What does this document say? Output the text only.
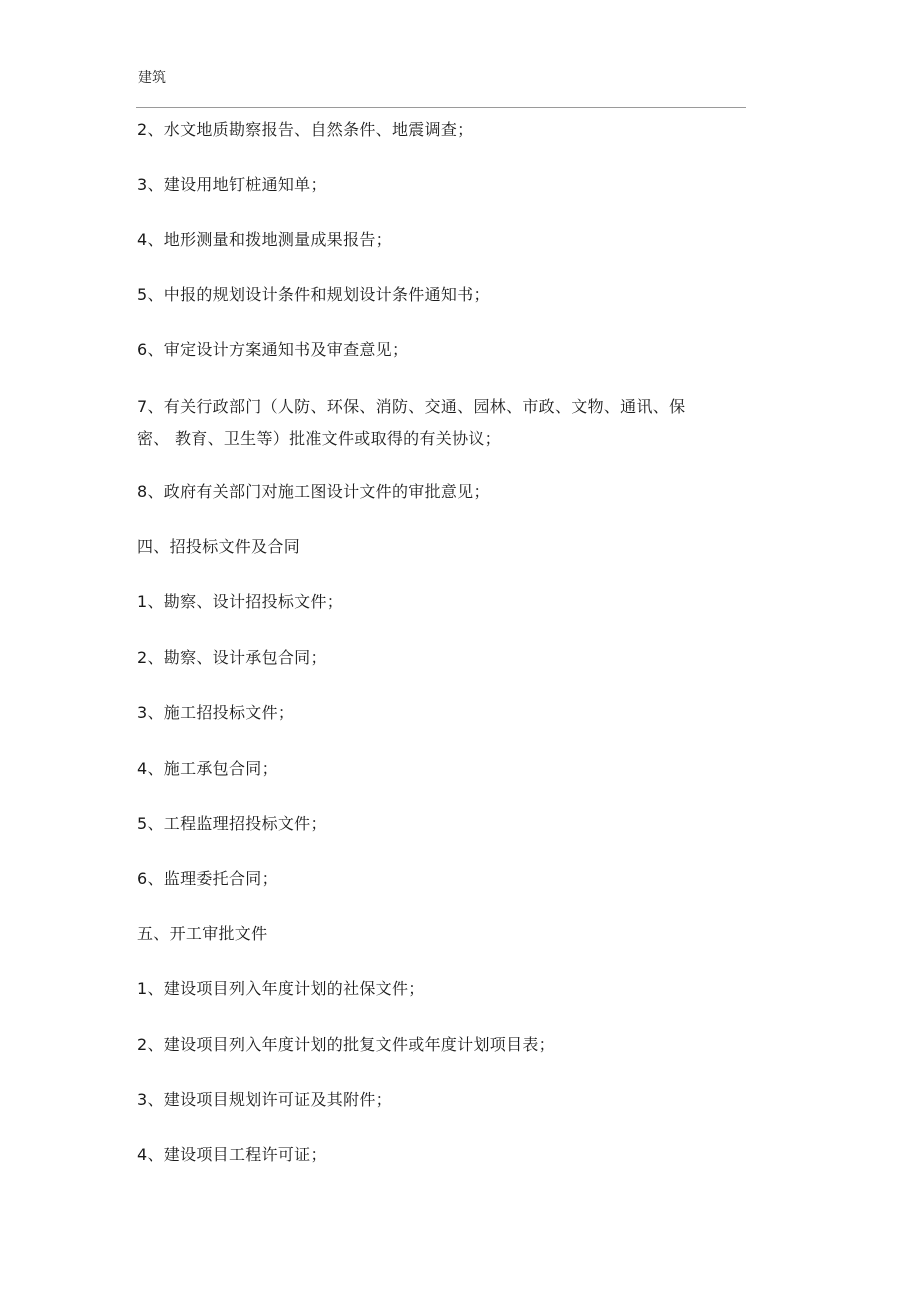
建筑

2、水文地质勘察报告、自然条件、地震调查；

3、建设用地钉桩通知单；

4、地形测量和拨地测量成果报告；

5、中报的规划设计条件和规划设计条件通知书；

6、审定设计方案通知书及审查意见；

7、有关行政部门（人防、环保、消防、交通、园林、市政、文物、通讯、保

密、 教育、卫生等）批准文件或取得的有关协议；

8、政府有关部门对施工图设计文件的审批意见；

四、招投标文件及合同

1、勘察、设计招投标文件；

2、勘察、设计承包合同；

3、施工招投标文件；

4、施工承包合同；

5、工程监理招投标文件；

6、监理委托合同；

五、开工审批文件

1、建设项目列入年度计划的社保文件；

2、建设项目列入年度计划的批复文件或年度计划项目表；

3、建设项目规划许可证及其附件；

4、建设项目工程许可证；
